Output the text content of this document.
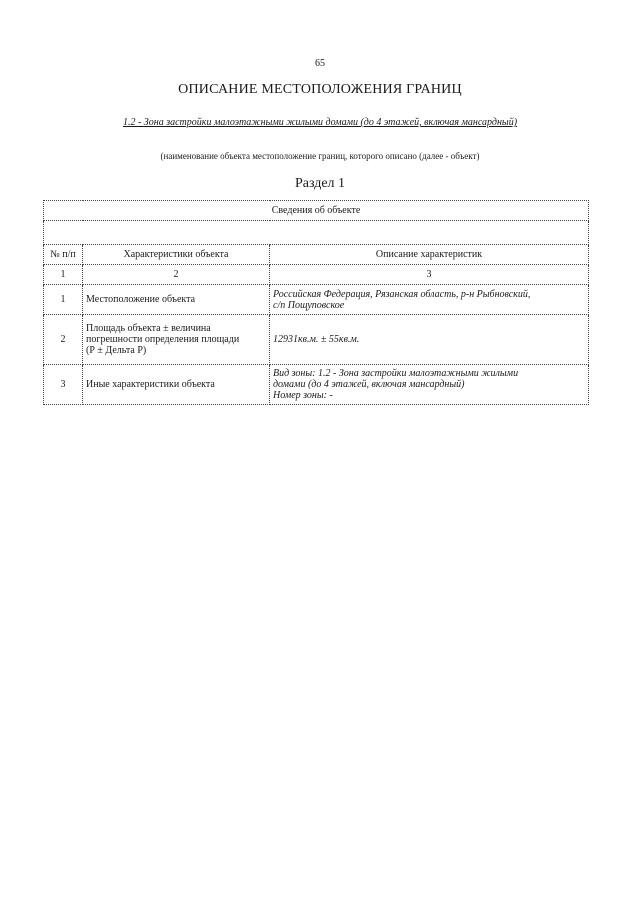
65
ОПИСАНИЕ МЕСТОПОЛОЖЕНИЯ ГРАНИЦ
1.2 - Зона застройки малоэтажными жилыми домами (до 4 этажей, включая мансардный)
(наименование объекта местоположение границ, которого описано (далее - объект)
Раздел 1
Сведения об объекте		

№ п/п	Характеристики объекта	Описание характеристик
1	2	3
1	Местоположение объекта	Российская Федерация, Рязанская область, р-н Рыбновский,
с/п Пощуповское

2	Площадь объекта ± величина
погрешности определения площади
(Р ± Дельта Р)	12931кв.м. ± 55кв.м.
3	Иные характеристики объекта	Вид зоны: 1.2 - Зона застройки малоэтажными жилыми
домами (до 4 этажей, включая мансардный)
Номер зоны: -
